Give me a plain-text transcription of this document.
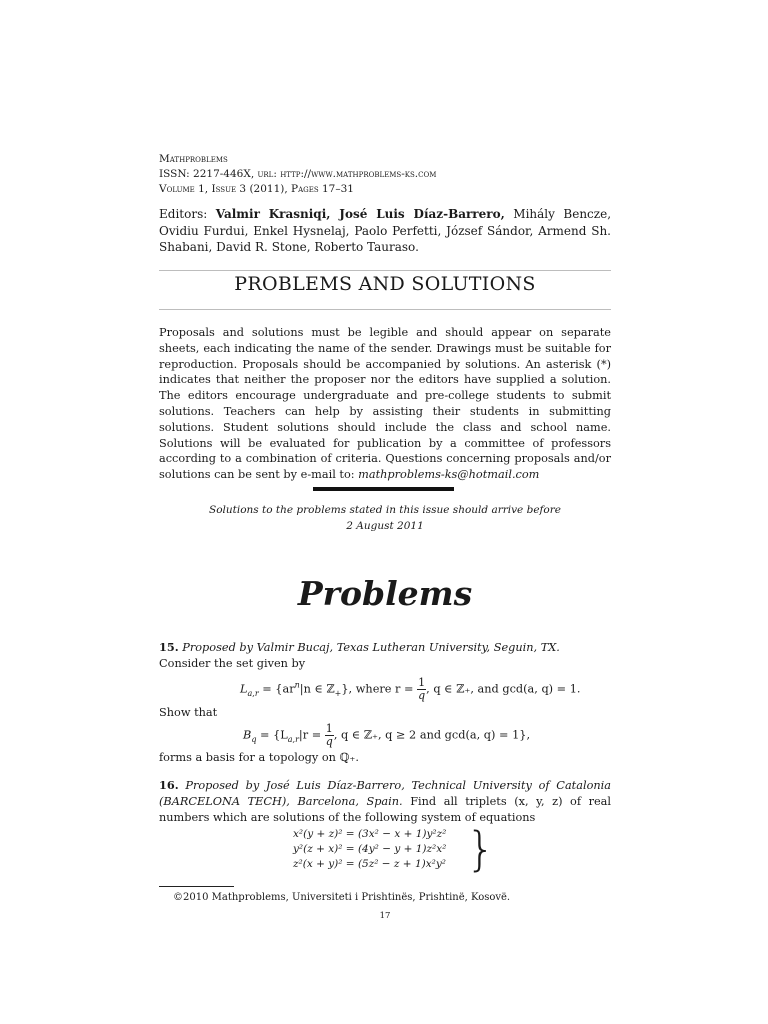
Mathproblems
ISSN: 2217-446X, url: http://www.mathproblems-ks.com
Volume 1, Issue 3 (2011), Pages 17–31
Editors: Valmir Krasniqi, José Luis Díaz-Barrero, Mihály Bencze, Ovidiu Furdui, Enkel Hysnelaj, Paolo Perfetti, József Sándor, Armend Sh. Shabani, David R. Stone, Roberto Tauraso.
PROBLEMS AND SOLUTIONS
Proposals and solutions must be legible and should appear on separate sheets, each indicating the name of the sender. Drawings must be suitable for reproduction. Proposals should be accompanied by solutions. An asterisk (*) indicates that neither the proposer nor the editors have supplied a solution. The editors encourage undergraduate and pre-college students to submit solutions. Teachers can help by assisting their students in submitting solutions. Student solutions should include the class and school name. Solutions will be evaluated for publication by a committee of professors according to a combination of criteria. Questions concerning proposals and/or solutions can be sent by e-mail to: mathproblems-ks@hotmail.com
Solutions to the problems stated in this issue should arrive before
2 August 2011
Problems
15. Proposed by Valmir Bucaj, Texas Lutheran University, Seguin, TX.
Consider the set given by
$L_{a,r} = \{ar^n|n$ ∈ ℤ$_+$}, where $r = \frac{1}{q}$ , q ∈ ℤ₊, and gcd(a, q) = 1.
Show that
$B_q = \{L_{a,r}|r = \frac{1}{q}$ , q ∈ ℤ₊, q ≥ 2 and gcd(a, q) = 1},
forms a basis for a topology on ℚ₊.
16. Proposed by José Luis Díaz-Barrero, Technical University of Catalonia (BARCELONA TECH), Barcelona, Spain. Find all triplets (x, y, z) of real numbers which are solutions of the following system of equations
x²(y + z)² = (3x² − x + 1)y²z²
y²(z + x)² = (4y² − y + 1)z²x²
z²(x + y)² = (5z² − z + 1)x²y² }
©2010 Mathproblems, Universiteti i Prishtinës, Prishtinë, Kosovë.
17
